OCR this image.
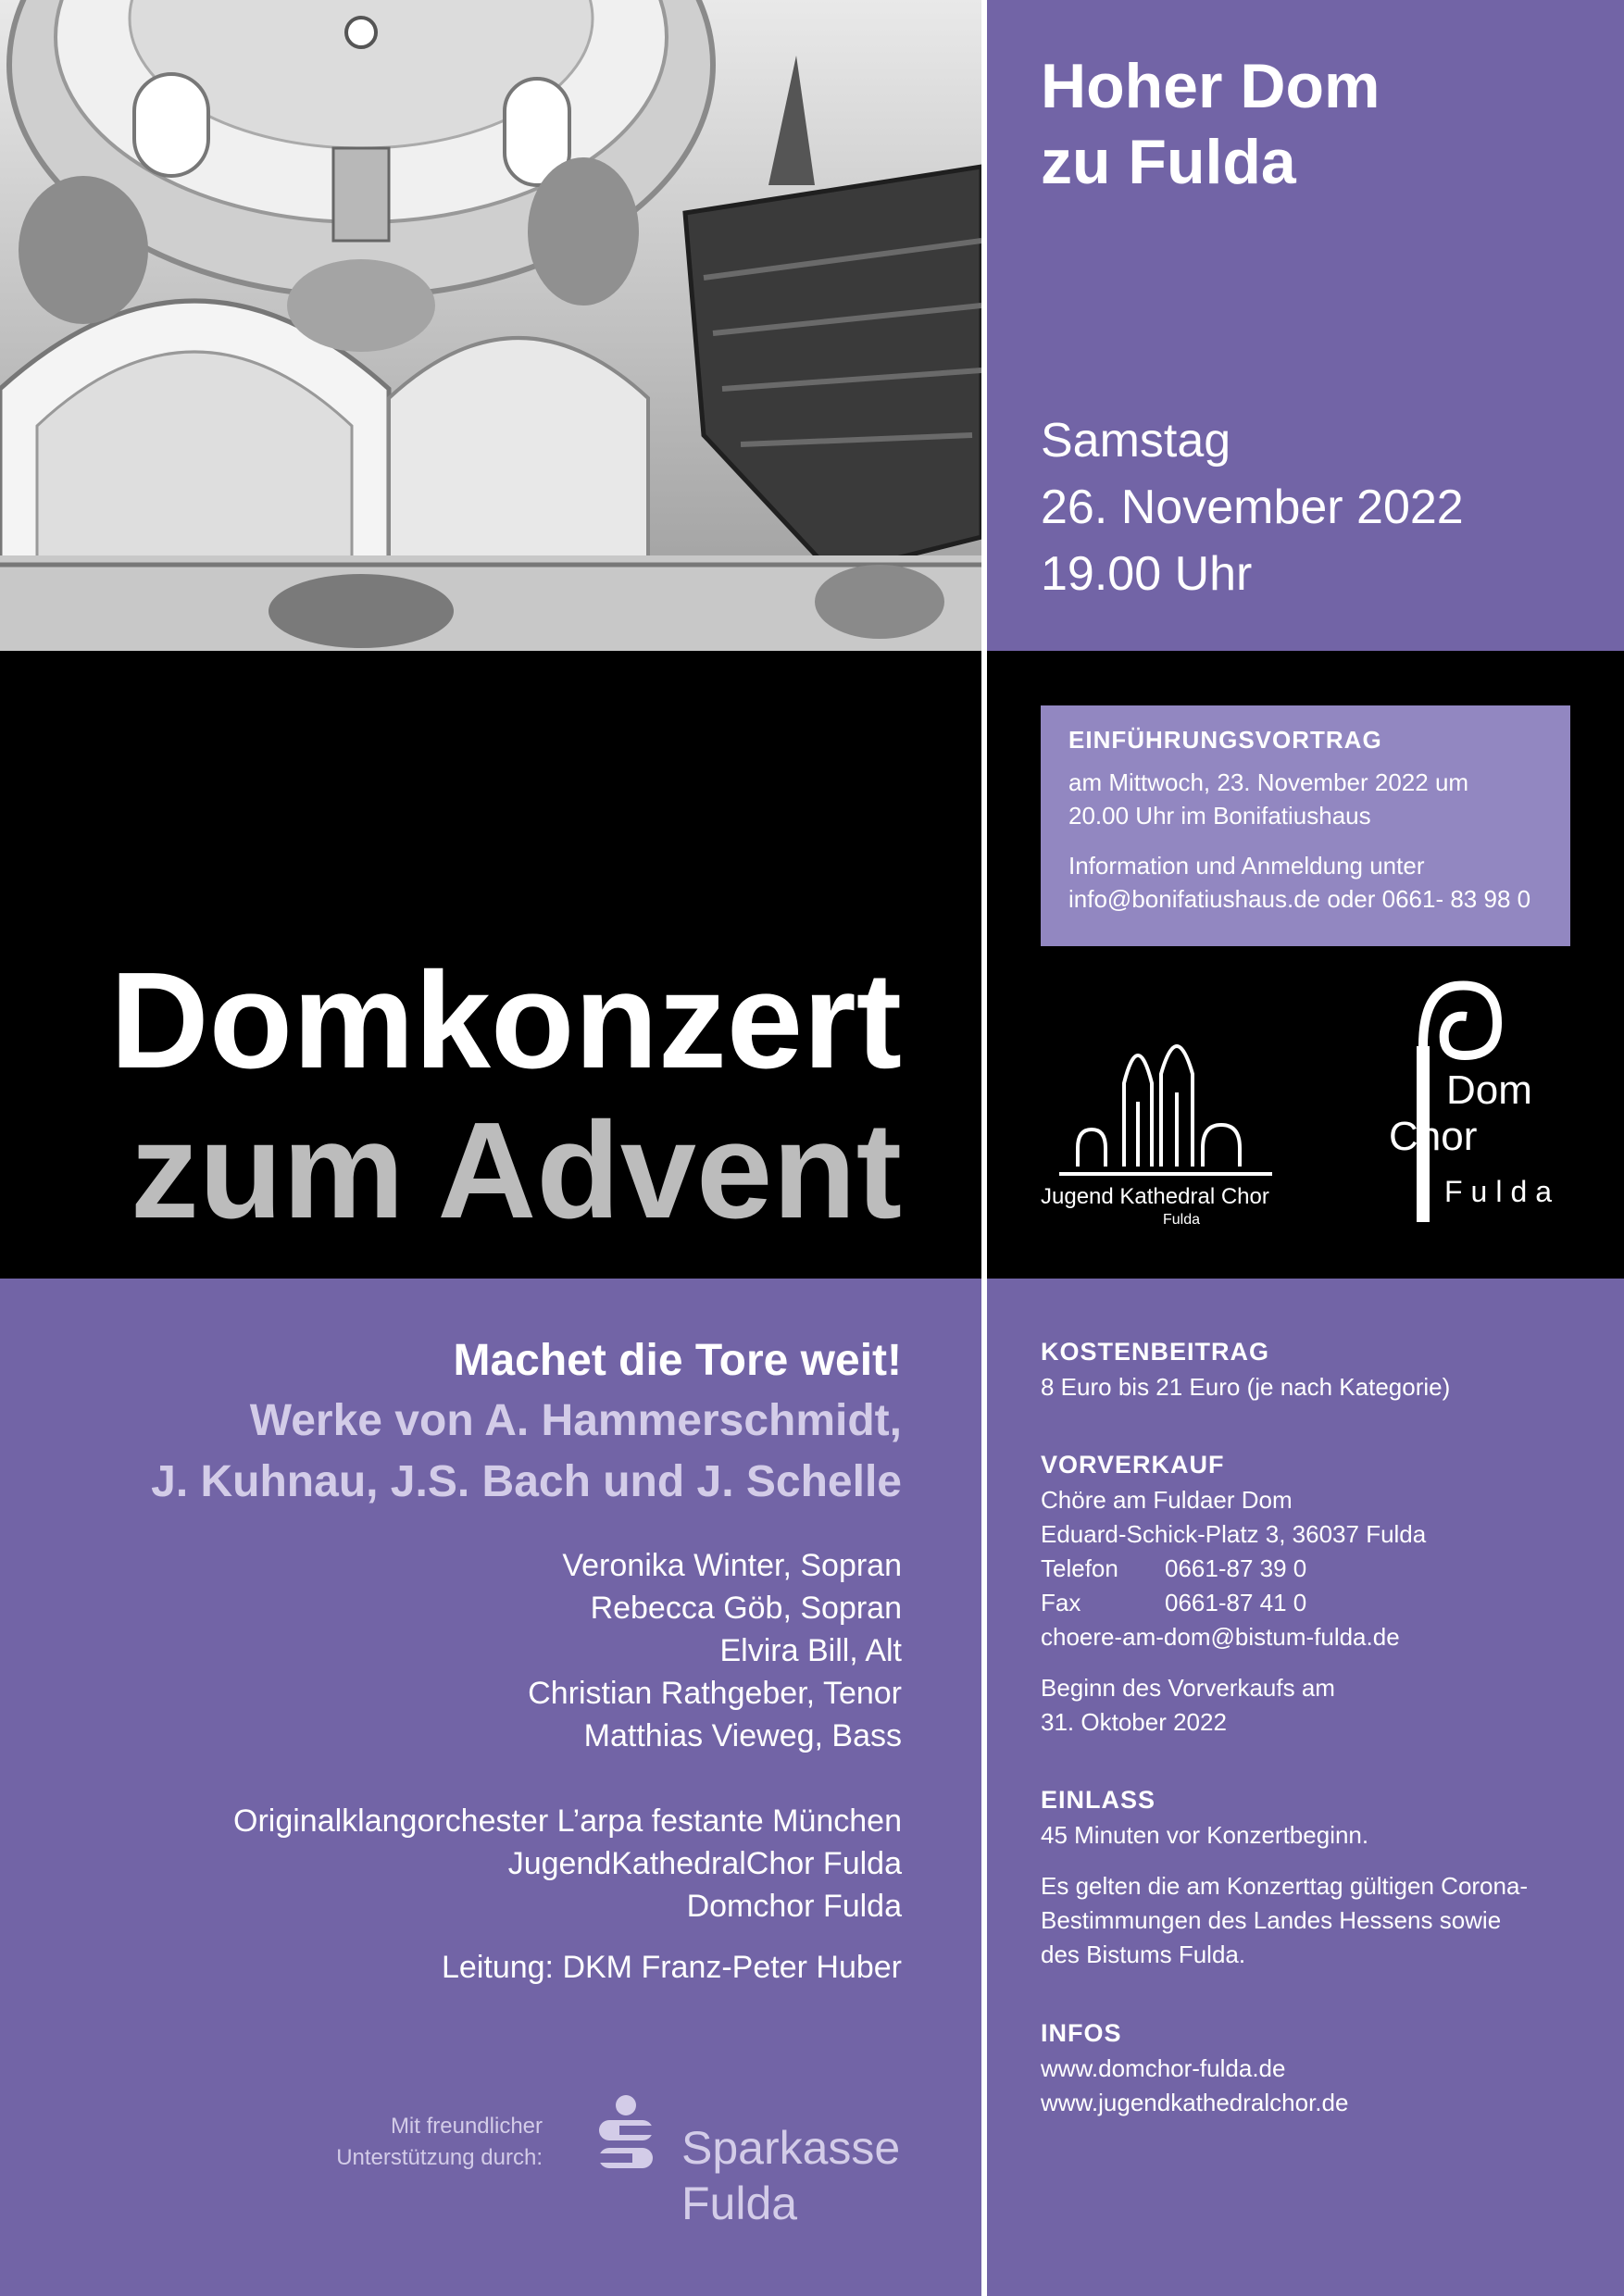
Hoher Dom
zu Fulda
Samstag
26. November 2022
19.00 Uhr
EINFÜHRUNGSVORTRAG
am Mittwoch, 23. November 2022 um
20.00 Uhr im Bonifatiushaus
Information und Anmeldung unter
info@bonifatiushaus.de oder 0661- 83 98 0
Domkonzert
zum Advent	Jugend Kathedral Chor
Fulda
Dom
Chor
Fulda
Machet die Tore weit!
Werke von A. Hammerschmidt,
J. Kuhnau, J.S. Bach und J. Schelle
Veronika Winter, Sopran
Rebecca Göb, Sopran
Elvira Bill, Alt
Christian Rathgeber, Tenor
Matthias Vieweg, Bass
Originalklangorchester L’arpa festante München
JugendKathedralChor Fulda
Domchor Fulda
Leitung: DKM Franz-Peter Huber
Mit freundlicher
Unterstützung durch:	Sparkasse
Fulda
KOSTENBEITRAG
8 Euro bis 21 Euro (je nach Kategorie)
VORVERKAUF
Chöre am Fuldaer Dom
Eduard-Schick-Platz 3, 36037 Fulda
Telefon 0661-87 39 0
Fax	0661-87 41 0
choere-am-dom@bistum-fulda.de
Beginn des Vorverkaufs am
31. Oktober 2022
EINLASS
45 Minuten vor Konzertbeginn.
Es gelten die am Konzerttag gültigen Corona-
Bestimmungen des Landes Hessens sowie
des Bistums Fulda.
INFOS
www.domchor-fulda.de
www.jugendkathedralchor.de
